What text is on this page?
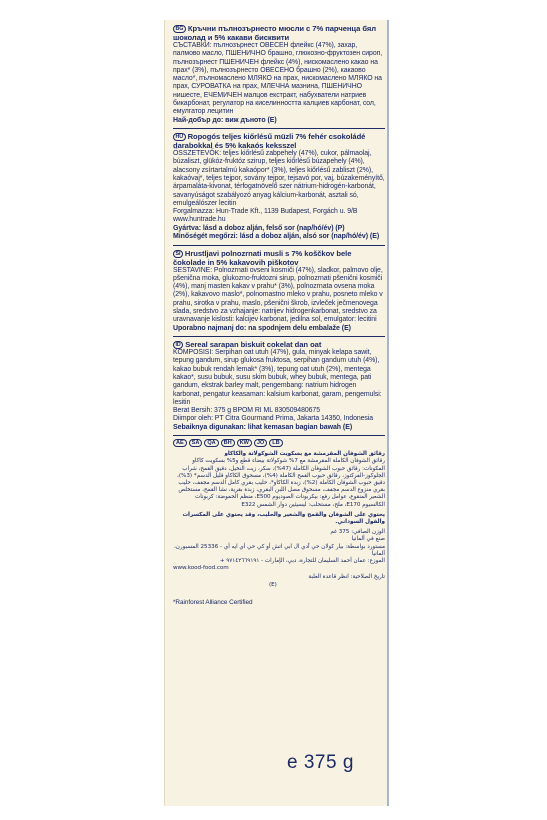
BG Кръчни пълнозърнесто мюсли с 7% парченца бял шоколад и 5% какави бисквити
СЪСТАВКИ: пълнозърнест ОВЕСЕН флейкс (47%), захар, палмово масло, ПШЕНИЧНО брашно, глюкозно-фруктозен сироп, пълнозърнест ПШЕНИЧЕН флейкс (4%), нискомаслено какао на прах* (3%), пълнозърнесто ОВЕСЕНО брашно (2%), какаово масло*, пълномаслено МЛЯКО на прах, нискомаслено МЛЯКО на прах, СУРОВАТКА на прах, МЛЕЧНА мазнина, ПШЕНИЧНО нишесте, ЕЧЕМИЧЕН малцов екстракт, набухватели натриев бикарбонат, регулатор на киселинността калциев карбонат, сол, емулгатор лецитин
Най-добър до: виж дъното (E)
HU Ropogós teljes kiőrlésű müzli 7% fehér csokoládé darabokkal és 5% kakaós keksszel
ÖSSZETEVŐK: teljes kiőrlésű zabpehely (47%), cukor, pálmaolaj, búzaliszt, glükóz-fruktóz szirup, teljes kiőrlésű búzapehely (4%), alacsony zsírtartalmú kakaópor* (3%), teljes kiőrlésű zabliszt (2%), kakaóvaj*, teljes tejpor, sovány tejpor, tejsavó por, vaj, búzakeményítő, árpamaláta-kivonat, térfogatnövelő szer nátrium-hidrogén-karbonát, savanyúságot szabályozó anyag kálcium-karbonát, asztali só, emulgeálószer lecitin
Forgalmazza: Hun-Trade Kft., 1139 Budapest, Forgách u. 9/B
www.huntrade.hu
Gyártva: lásd a doboz alján, felső sor (nap/hó/év) (P)
Minőségét megőrzi: lásd a doboz alján, alsó sor (nap/hó/év) (E)
SI Hrustljavi polnozrnati musli s 7% koščkov bele čokolade in 5% kakavovih piškotov
SESTAVINE: Polnozrnati ovseni kosmiči (47%), sladkor, palmovo olje, pšenična moka, glukozno-fruktozni sirup, polnozrnati pšenični kosmiči (4%), manj masten kakav v prahu* (3%), polnozrnata ovsena moka (2%), kakavovo maslo*, polnomastno mleko v prahu, posneto mleko v prahu, sirotka v prahu, maslo, pšenični škrob, izvleček ječmenovega slada, sredstvo za vzhajanje: natrijev hidrogenkarbonat, sredstvo za uravnavanje kislosti: kalcijev karbonat, jedilna sol, emulgator: lecitini
Uporabno najmanj do: na spodnjem delu embalaže (E)
ID Sereal sarapan biskuit cokelat dan oat
KOMPOSISI: Serpihan oat utuh (47%), gula, minyak kelapa sawit, tepung gandum, sirup glukosa fruktosa, serpihan gandum utuh (4%), kakao bubuk rendah lemak* (3%), tepung oat utuh (2%), mentega kakao*, susu bubuk, susu skim bubuk, whey bubuk, mentega, pati gandum, ekstrak barley malt, pengembang: natrium hidrogen karbonat, pengatur keasaman: kalsium karbonat, garam, pengemulsi: lesitin
Berat Bersih: 375 g BPOM RI ML 830509480675
Diimpor oleh: PT Citra Gourmand Prima, Jakarta 14350, Indonesia
Sebaiknya digunakan: lihat kemasan bagian bawah (E)
AE	SA	QA	BH	KW	JO	LB
رقائق الشوفان المقرمشة مع بسكويت الشوكولاتة والكاكاو
رقائق الشوفان الكاملة المقرمشة مع 7% شوكولاتة بيضاء قطع و5% بسكويت كاكاو
المكونات: رقائق حبوب الشوفان الكاملة (47%)، سكر، زيت النخيل، دقيق القمح، شراب الجلوكوز-الفركتوز، رقائق حبوب القمح الكاملة (4%)، مسحوق الكاكاو قليل الدسم* (3%)، دقيق حبوب الشوفان الكاملة (2%)، زبدة الكاكاو*، حليب بقري كامل الدسم مجفف، حليب بقري منزوع الدسم مجفف، مسحوق مصل اللبن البقري، زبدة بقرية، نشا القمح، مستخلص الشعير المنقوع، عوامل رفع: بيكربونات الصوديوم E500، منظم الحموضة: كربونات الكالسيوم E170، ملح، مستحلب: ليسيثين دوار الشمس E322
يحتوي على الشوفان والقمح والشعير والحليب، وقد يحتوي على المكسرات والفول السوداني.
الوزن الصافي: 375 غم
صنع في ألمانيا
مستورد بواسطة: بيار كولان حي آدي ال ابي اتش أو كي حي أي ايه أي - 25336 المسبورن، ألمانيا
الموزع: عمان أحمد السليمان للتجارة، دبي، الإمارات - ٩٧١٤٢٦٦٩١٩١ +
www.kood-food.com
تاريخ الصلاحية: انظر قاعدة العلبة
(E)
*Rainforest Alliance Certified
e 375 g
